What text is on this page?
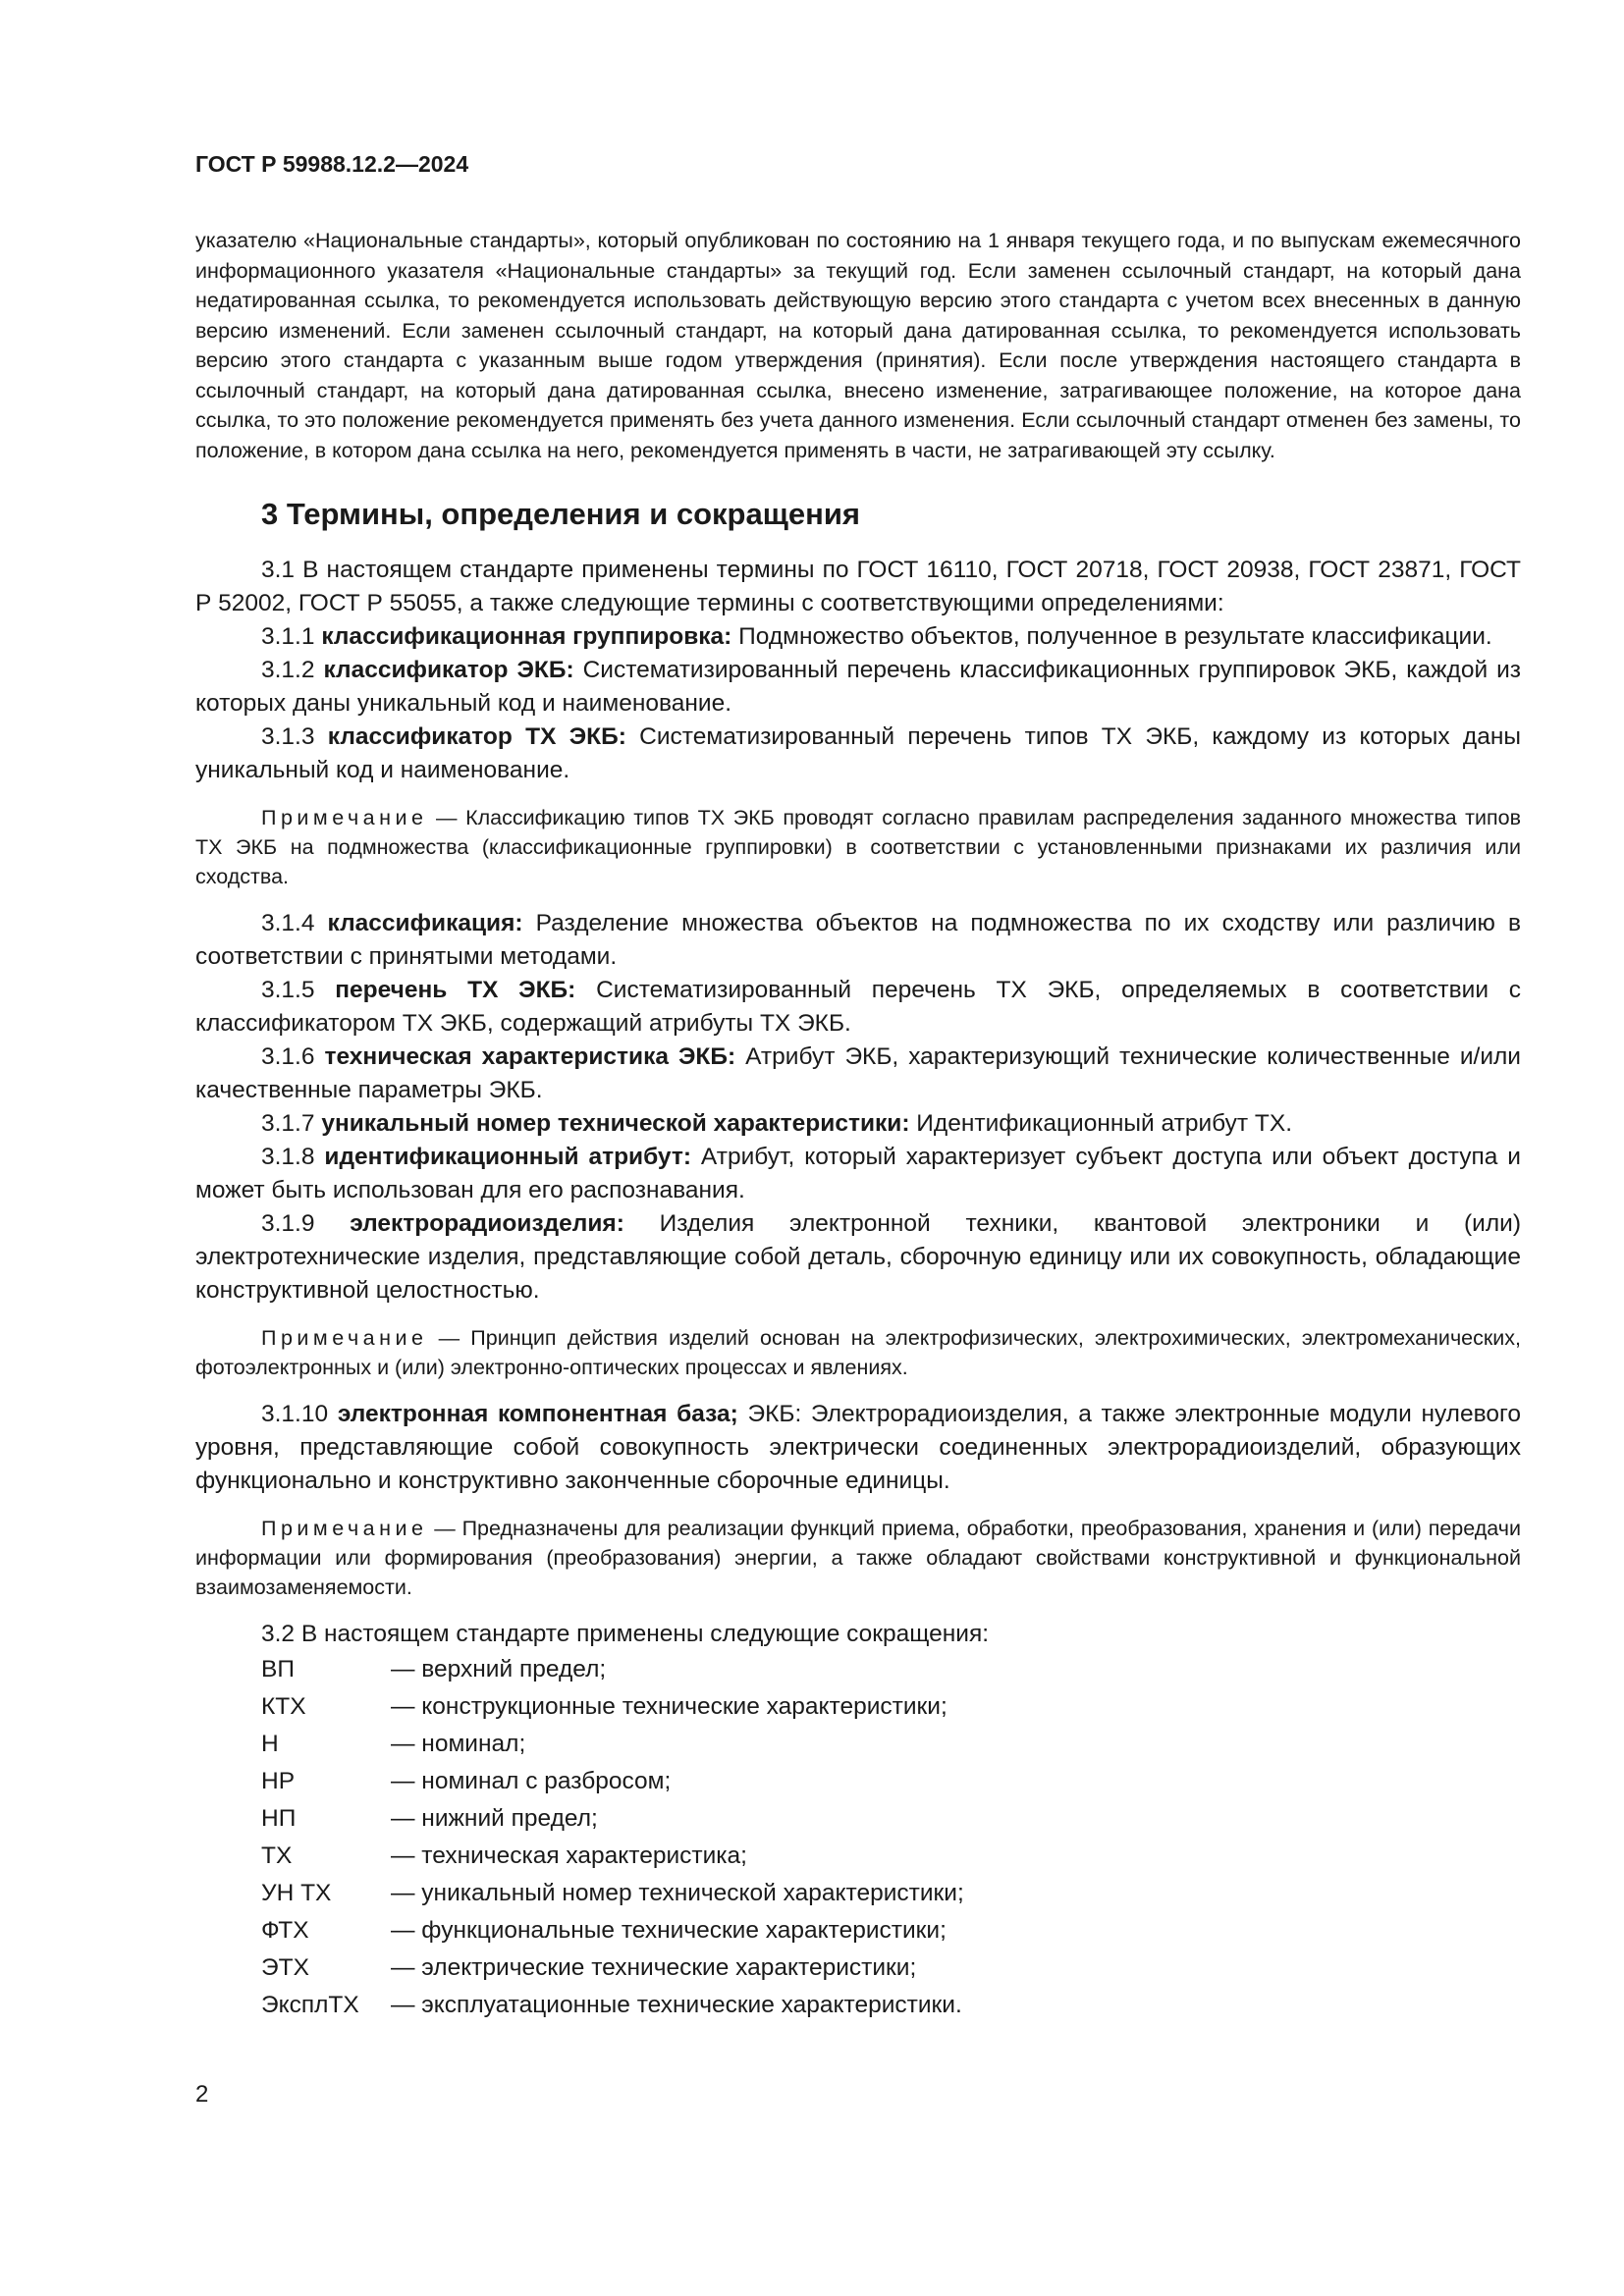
ГОСТ Р 59988.12.2—2024

указателю «Национальные стандарты», который опубликован по состоянию на 1 января текущего года, и по выпускам ежемесячного информационного указателя «Национальные стандарты» за текущий год. Если заменен ссылочный стандарт, на который дана недатированная ссылка, то рекомендуется использовать действующую версию этого стандарта с учетом всех внесенных в данную версию изменений. Если заменен ссылочный стандарт, на который дана датированная ссылка, то рекомендуется использовать версию этого стандарта с указанным выше годом утверждения (принятия). Если после утверждения настоящего стандарта в ссылочный стандарт, на который дана датированная ссылка, внесено изменение, затрагивающее положение, на которое дана ссылка, то это положение рекомендуется применять без учета данного изменения. Если ссылочный стандарт отменен без замены, то положение, в котором дана ссылка на него, рекомендуется применять в части, не затрагивающей эту ссылку.

3 Термины, определения и сокращения

3.1 В настоящем стандарте применены термины по ГОСТ 16110, ГОСТ 20718, ГОСТ 20938, ГОСТ 23871, ГОСТ Р 52002, ГОСТ Р 55055, а также следующие термины с соответствующими определениями:

3.1.1 классификационная группировка: Подмножество объектов, полученное в результате классификации.

3.1.2 классификатор ЭКБ: Систематизированный перечень классификационных группировок ЭКБ, каждой из которых даны уникальный код и наименование.

3.1.3 классификатор ТХ ЭКБ: Систематизированный перечень типов ТХ ЭКБ, каждому из которых даны уникальный код и наименование.

Примечание — Классификацию типов ТХ ЭКБ проводят согласно правилам распределения заданного множества типов ТХ ЭКБ на подмножества (классификационные группировки) в соответствии с установленными признаками их различия или сходства.

3.1.4 классификация: Разделение множества объектов на подмножества по их сходству или различию в соответствии с принятыми методами.

3.1.5 перечень ТХ ЭКБ: Систематизированный перечень ТХ ЭКБ, определяемых в соответствии с классификатором ТХ ЭКБ, содержащий атрибуты ТХ ЭКБ.

3.1.6 техническая характеристика ЭКБ: Атрибут ЭКБ, характеризующий технические количественные и/или качественные параметры ЭКБ.

3.1.7 уникальный номер технической характеристики: Идентификационный атрибут ТХ.

3.1.8 идентификационный атрибут: Атрибут, который характеризует субъект доступа или объект доступа и может быть использован для его распознавания.

3.1.9 электрорадиоизделия: Изделия электронной техники, квантовой электроники и (или) электротехнические изделия, представляющие собой деталь, сборочную единицу или их совокупность, обладающие конструктивной целостностью.

Примечание — Принцип действия изделий основан на электрофизических, электрохимических, электромеханических, фотоэлектронных и (или) электронно-оптических процессах и явлениях.

3.1.10 электронная компонентная база; ЭКБ: Электрорадиоизделия, а также электронные модули нулевого уровня, представляющие собой совокупность электрически соединенных электрорадиоизделий, образующих функционально и конструктивно законченные сборочные единицы.

Примечание — Предназначены для реализации функций приема, обработки, преобразования, хранения и (или) передачи информации или формирования (преобразования) энергии, а также обладают свойствами конструктивной и функциональной взаимозаменяемости.

3.2 В настоящем стандарте применены следующие сокращения:

ВП	— верхний предел;
КТХ	— конструкционные технические характеристики;
Н	— номинал;
НР	— номинал с разбросом;
НП	— нижний предел;
ТХ	— техническая характеристика;
УН ТХ	— уникальный номер технической характеристики;
ФТХ	— функциональные технические характеристики;
ЭТХ	— электрические технические характеристики;
ЭксплТХ	— эксплуатационные технические характеристики.
2
